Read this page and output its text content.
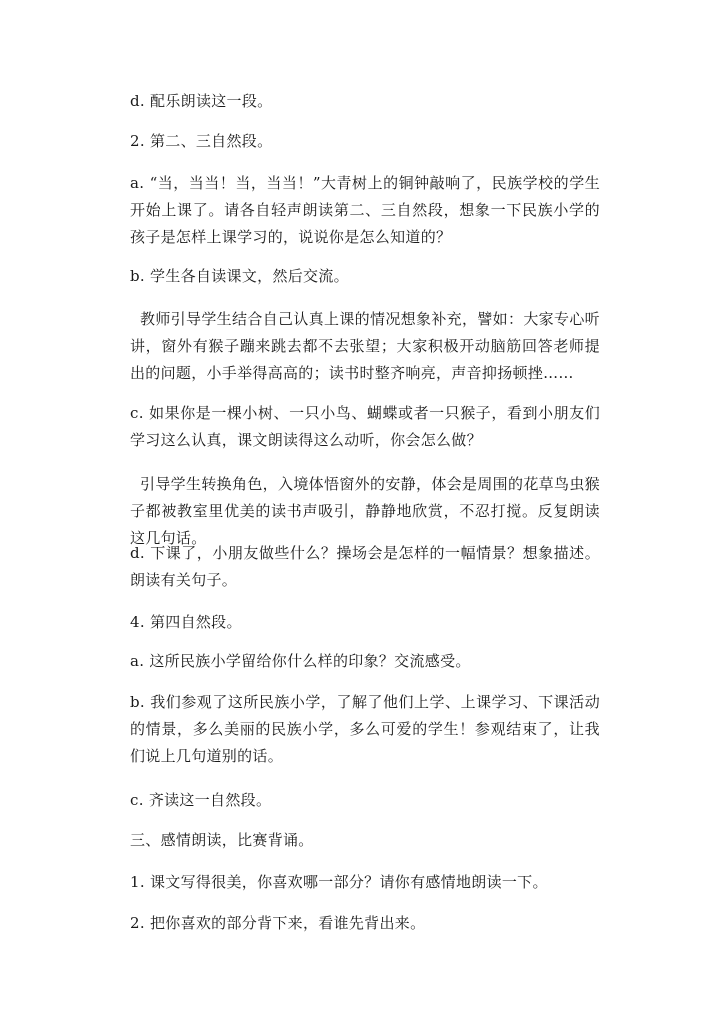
d. 配乐朗读这一段。

2. 第二、三自然段。

a. “当，当当！当，当当！”大青树上的铜钟敲响了，民族学校的学生开始上课了。请各自轻声朗读第二、三自然段，想象一下民族小学的孩子是怎样上课学习的，说说你是怎么知道的？

b. 学生各自读课文，然后交流。

教师引导学生结合自己认真上课的情况想象补充，譬如：大家专心听讲，窗外有猴子蹦来跳去都不去张望；大家积极开动脑筋回答老师提出的问题，小手举得高高的；读书时整齐响亮，声音抑扬顿挫……

c. 如果你是一棵小树、一只小鸟、蝴蝶或者一只猴子，看到小朋友们学习这么认真，课文朗读得这么动听，你会怎么做？

引导学生转换角色，入境体悟窗外的安静，体会是周围的花草鸟虫猴子都被教室里优美的读书声吸引，静静地欣赏，不忍打搅。反复朗读这几句话。

d. 下课了，小朋友做些什么？操场会是怎样的一幅情景？想象描述。朗读有关句子。

4. 第四自然段。

a. 这所民族小学留给你什么样的印象？交流感受。

b. 我们参观了这所民族小学，了解了他们上学、上课学习、下课活动的情景，多么美丽的民族小学，多么可爱的学生！参观结束了，让我们说上几句道别的话。

c. 齐读这一自然段。

三、感情朗读，比赛背诵。

1. 课文写得很美，你喜欢哪一部分？请你有感情地朗读一下。

2. 把你喜欢的部分背下来，看谁先背出来。
